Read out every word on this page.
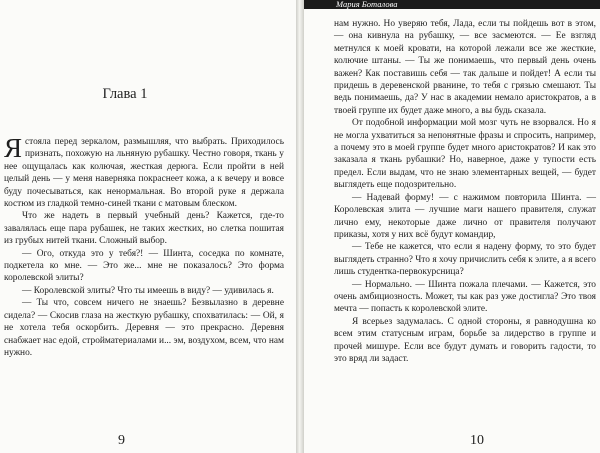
Глава 1

Ястояла перед зеркалом, размышляя, что выбрать. Приходилось признать, похожую на льняную рубашку. Честно говоря, ткань у нее ощущалась как колючая, жесткая дерюга. Если пройти в ней целый день — у меня наверняка покраснеет кожа, а к вечеру и вовсе буду почесываться, как ненормальная. Во второй руке я держала костюм из гладкой темно-синей ткани с матовым блеском.

Что же надеть в первый учебный день? Кажется, где-то завалялась еще пара рубашек, не таких жестких, но слетка пошитая из грубых нитей ткани. Сложный выбор.

— Ого, откуда это у тебя?! — Шинта, соседка по комнате, подкетела ко мне. — Это же... мне не показалось? Это форма королевской элиты?

— Королевской элиты? Что ты имеешь в виду? — удивилась я.

— Ты что, совсем ничего не знаешь? Безвылазно в деревне сидела? — Скосив глаза на жесткую рубашку, спохватилась: — Ой, я не хотела тебя оскорбить. Деревня — это прекрасно. Деревня снабжает нас едой, стройматериалами и... эм, воздухом, всем, что нам нужно.

9
Мария Боталова

нам нужно. Но уверяю тебя, Лада, если ты пойдешь вот в этом, — она кивнула на рубашку, — все засмеются. — Ее взгляд метнулся к моей кровати, на которой лежали все же жесткие, колючие штаны. — Ты же понимаешь, что первый день очень важен? Как поставишь себя — так дальше и пойдет! А если ты придешь в деревенской рванине, то тебя с грязью смешают. Ты ведь понимаешь, да? У нас в академии немало аристократов, а в твоей группе их будет даже много, а вы будь сказала.

От подобной информации мой мозг чуть не взорвался. Но я не могла ухватиться за непонятные фразы и спросить, например, а почему это в моей группе будет много аристократов? И как это заказала я ткань рубашки? Но, наверное, даже у тупости есть предел. Если выдам, что не знаю элементарных вещей, — будет выглядеть еще подозрительно.

— Надевай форму! — с нажимом повторила Шинта. — Королевская элита — лучшие маги нашего правителя, служат лично ему, некоторые даже лично от правителя получают приказы, хотя у них всё будут командир,

— Тебе не кажется, что если я надену форму, то это будет выглядеть странно? Что я хочу причислить себя к элите, а я всего лишь студентка-первокурсница?

— Нормально. — Шинта пожала плечами. — Кажется, это очень амбициозность. Может, ты как раз уже достигла? Это твоя мечта — попасть к королевской элите.

Я всерьез задумалась. С одной стороны, я равнодушна ко всем этим статусным играм, борьбе за лидерство в группе и прочей мишуре. Если все будут думать и говорить гадости, то это вряд ли задаст.

10
